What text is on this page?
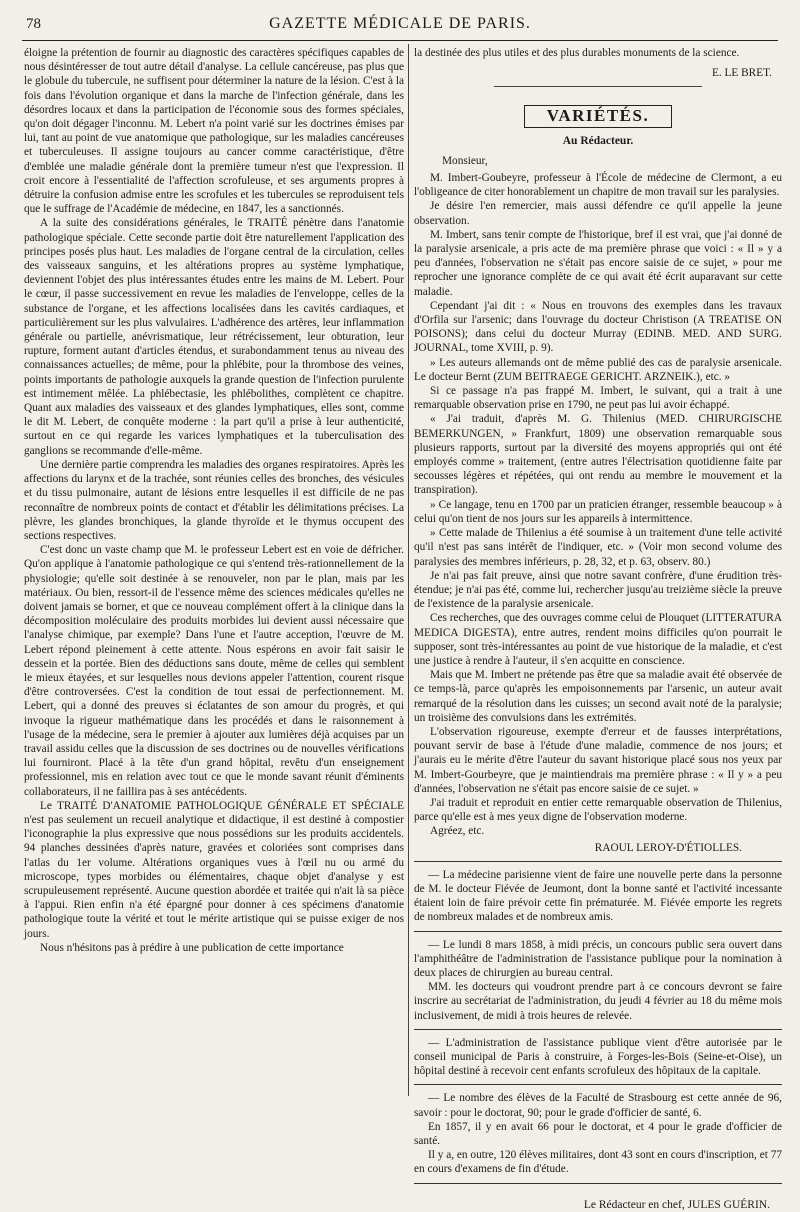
78	GAZETTE MÉDICALE DE PARIS.

éloigne la prétention de fournir au diagnostic des caractères spécifiques capables de nous désintéresser de tout autre détail d'analyse. La cellule cancéreuse, pas plus que le globule du tubercule, ne suffisent pour déterminer la nature de la lésion. C'est à la fois dans l'évolution organique et dans la marche de l'infection générale, dans les désordres locaux et dans la participation de l'économie sous des formes spéciales, qu'on doit dégager l'inconnu. M. Lebert n'a point varié sur les doctrines émises par lui, tant au point de vue anatomique que pathologique, sur les maladies cancéreuses et tuberculeuses. Il assigne toujours au cancer comme caractéristique, d'être d'emblée une maladie générale dont la première tumeur n'est que l'expression. Il croit encore à l'essentialité de l'affection scrofuleuse, et ses arguments propres à détruire la confusion admise entre les scrofules et les tubercules se reproduisent tels que le suffrage de l'Académie de médecine, en 1847, les a sanctionnés.

A la suite des considérations générales, le TRAITÉ pénètre dans l'anatomie pathologique spéciale. Cette seconde partie doit être naturellement l'application des principes posés plus haut. Les maladies de l'organe central de la circulation, celles des vaisseaux sanguins, et les altérations propres au système lymphatique, deviennent l'objet des plus intéressantes études entre les mains de M. Lebert. Pour le cœur, il passe successivement en revue les maladies de l'enveloppe, celles de la substance de l'organe, et les affections localisées dans les cavités cardiaques, et particulièrement sur les plus valvulaires. L'adhérence des artères, leur inflammation générale ou partielle, anévrismatique, leur rétrécissement, leur obturation, leur rupture, forment autant d'articles étendus, et surabondamment tenus au niveau des connaissances actuelles; de même, pour la phlébite, pour la thrombose des veines, points importants de pathologie auxquels la grande question de l'infection purulente est intimement mêlée. La phlébectasie, les phlébolithes, complètent ce chapitre. Quant aux maladies des vaisseaux et des glandes lymphatiques, elles sont, comme le dit M. Lebert, de conquête moderne : la part qu'il a prise à leur authenticité, surtout en ce qui regarde les varices lymphatiques et la tuberculisation des ganglions se recommande d'elle-même.

Une dernière partie comprendra les maladies des organes respiratoires. Après les affections du larynx et de la trachée, sont réunies celles des bronches, des vésicules et du tissu pulmonaire, autant de lésions entre lesquelles il est difficile de ne pas reconnaître de nombreux points de contact et d'établir les délimitations précises. La plèvre, les glandes bronchiques, la glande thyroïde et le thymus occupent des sections respectives.

C'est donc un vaste champ que M. le professeur Lebert est en voie de défricher. Qu'on applique à l'anatomie pathologique ce qui s'entend très-rationnellement de la physiologie; qu'elle soit destinée à se renouveler, non par le plan, mais par les matériaux. Ou bien, ressort-il de l'essence même des sciences médicales qu'elles ne doivent jamais se borner, et que ce nouveau complément offert à la clinique dans la décomposition moléculaire des produits morbides lui devient aussi nécessaire que l'analyse chimique, par exemple? Dans l'une et l'autre acception, l'œuvre de M. Lebert répond pleinement à cette attente. Nous espérons en avoir fait saisir le dessein et la portée. Bien des déductions sans doute, même de celles qui semblent le mieux étayées, et sur lesquelles nous devions appeler l'attention, courent risque d'être controversées. C'est la condition de tout essai de perfectionnement. M. Lebert, qui a donné des preuves si éclatantes de son amour du progrès, et qui invoque la rigueur mathématique dans les procédés et dans le raisonnement à l'usage de la médecine, sera le premier à ajouter aux lumières déjà acquises par un travail assidu celles que la discussion de ses doctrines ou de nouvelles vérifications lui fourniront. Placé à la tête d'un grand hôpital, revêtu d'un enseignement professionnel, mis en relation avec tout ce que le monde savant réunit d'éminents collaborateurs, il ne faillira pas à ses antécédents.

Le TRAITÉ D'ANATOMIE PATHOLOGIQUE GÉNÉRALE ET SPÉCIALE n'est pas seulement un recueil analytique et didactique, il est destiné à compostier l'iconographie la plus expressive que nous possédions sur les produits accidentels. 94 planches dessinées d'après nature, gravées et coloriées sont comprises dans l'atlas du 1er volume. Altérations organiques vues à l'œil nu ou armé du microscope, types morbides ou élémentaires, chaque objet d'analyse y est scrupuleusement représenté. Aucune question abordée et traitée qui n'ait là sa pièce à l'appui. Rien enfin n'a été épargné pour donner à ces spécimens d'anatomie pathologique toute la vérité et tout le mérite artistique qui se puisse exiger de nos jours.

Nous n'hésitons pas à prédire à une publication de cette importance

la destinée des plus utiles et des plus durables monuments de la science.

E. LE BRET.
VARIÉTÉS.
Au Rédacteur.

Monsieur,

M. Imbert-Goubeyre, professeur à l'École de médecine de Clermont, a eu l'obligeance de citer honorablement un chapitre de mon travail sur les paralysies.

Je désire l'en remercier, mais aussi défendre ce qu'il appelle la jeune observation.

M. Imbert, sans tenir compte de l'historique, bref il est vrai, que j'ai donné de la paralysie arsenicale, a pris acte de ma première phrase que voici : « Il » y a peu d'années, l'observation ne s'était pas encore saisie de ce sujet, » pour me reprocher une ignorance complète de ce qui avait été écrit auparavant sur cette maladie.

Cependant j'ai dit : « Nous en trouvons des exemples dans les travaux d'Orfila sur l'arsenic; dans l'ouvrage du docteur Christison (A TREATISE ON POISONS); dans celui du docteur Murray (EDINB. MED. AND SURG. JOURNAL, tome XVIII, p. 9).

» Les auteurs allemands ont de même publié des cas de paralysie arsenicale. Le docteur Bernt (ZUM BEITRAEGE GERICHT. ARZNEIK.), etc. »

Si ce passage n'a pas frappé M. Imbert, le suivant, qui a trait à une remarquable observation prise en 1790, ne peut pas lui avoir échappé.

« J'ai traduit, d'après M. G. Thilenius (MED. CHIRURGISCHE BEMERKUNGEN, » Frankfurt, 1809) une observation remarquable sous plusieurs rapports, surtout par la diversité des moyens appropriés qui ont été employés comme » traitement, (entre autres l'électrisation quotidienne faite par secousses légères et répétées, qui ont rendu au membre le mouvement et la transpiration).

» Ce langage, tenu en 1700 par un praticien étranger, ressemble beaucoup » à celui qu'on tient de nos jours sur les appareils à intermittence.

» Cette malade de Thilenius a été soumise à un traitement d'une telle activité qu'il n'est pas sans intérêt de l'indiquer, etc. » (Voir mon second volume des paralysies des membres inférieurs, p. 28, 32, et p. 63, observ. 80.)

Je n'ai pas fait preuve, ainsi que notre savant confrère, d'une érudition très-étendue; je n'ai pas été, comme lui, rechercher jusqu'au treizième siècle la preuve de l'existence de la paralysie arsenicale.

Ces recherches, que des ouvrages comme celui de Plouquet (LITTERATURA MEDICA DIGESTA), entre autres, rendent moins difficiles qu'on pourrait le supposer, sont très-intéressantes au point de vue historique de la maladie, et c'est une justice à rendre à l'auteur, il s'en acquitte en conscience.

Mais que M. Imbert ne prétende pas être que sa maladie avait été observée de ce temps-là, parce qu'après les empoisonnements par l'arsenic, un auteur avait remarqué de la résolution dans les cuisses; un second avait noté de la paralysie; un troisième des convulsions dans les extrémités.

L'observation rigoureuse, exempte d'erreur et de fausses interprétations, pouvant servir de base à l'étude d'une maladie, commence de nos jours; et j'aurais eu le mérite d'être l'auteur du savant historique placé sous nos yeux par M. Imbert-Gourbeyre, que je maintiendrais ma première phrase : « Il y » a peu d'années, l'observation ne s'était pas encore saisie de ce sujet. »

J'ai traduit et reproduit en entier cette remarquable observation de Thilenius, parce qu'elle est à mes yeux digne de l'observation moderne.

Agréez, etc.

RAOUL LEROY-D'ÉTIOLLES.

— La médecine parisienne vient de faire une nouvelle perte dans la personne de M. le docteur Fiévée de Jeumont, dont la bonne santé et l'activité incessante étaient loin de faire prévoir cette fin prématurée. M. Fiévée emporte les regrets de nombreux malades et de nombreux amis.

— Le lundi 8 mars 1858, à midi précis, un concours public sera ouvert dans l'amphithéâtre de l'administration de l'assistance publique pour la nomination à deux places de chirurgien au bureau central.

MM. les docteurs qui voudront prendre part à ce concours devront se faire inscrire au secrétariat de l'administration, du jeudi 4 février au 18 du même mois inclusivement, de midi à trois heures de relevée.

— L'administration de l'assistance publique vient d'être autorisée par le conseil municipal de Paris à construire, à Forges-les-Bois (Seine-et-Oise), un hôpital destiné à recevoir cent enfants scrofuleux des hôpitaux de la capitale.

— Le nombre des élèves de la Faculté de Strasbourg est cette année de 96, savoir : pour le doctorat, 90; pour le grade d'officier de santé, 6.

En 1857, il y en avait 66 pour le doctorat, et 4 pour le grade d'officier de santé.

Il y a, en outre, 120 élèves militaires, dont 43 sont en cours d'inscription, et 77 en cours d'examens de fin d'étude.

Le Rédacteur en chef, JULES GUÉRIN.
